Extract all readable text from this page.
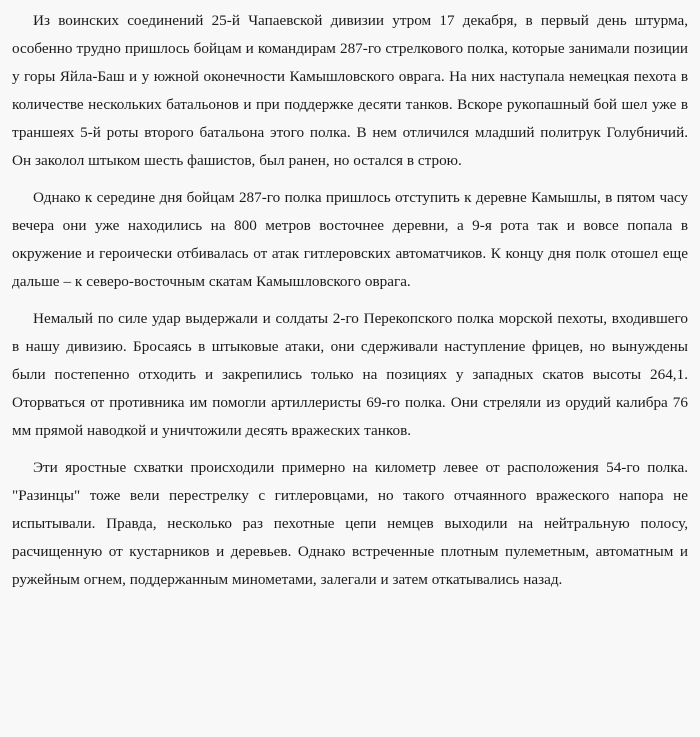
Из воинских соединений 25-й Чапаевской дивизии утром 17 декабря, в первый день штурма, особенно трудно пришлось бойцам и командирам 287-го стрелкового полка, которые занимали позиции у горы Яйла-Баш и у южной оконечности Камышловского оврага. На них наступала немецкая пехота в количестве нескольких батальонов и при поддержке десяти танков. Вскоре рукопашный бой шел уже в траншеях 5-й роты второго батальона этого полка. В нем отличился младший политрук Голубничий. Он заколол штыком шесть фашистов, был ранен, но остался в строю.

Однако к середине дня бойцам 287-го полка пришлось отступить к деревне Камышлы, в пятом часу вечера они уже находились на 800 метров восточнее деревни, а 9-я рота так и вовсе попала в окружение и героически отбивалась от атак гитлеровских автоматчиков. К концу дня полк отошел еще дальше – к северо-восточным скатам Камышловского оврага.

Немалый по силе удар выдержали и солдаты 2-го Перекопского полка морской пехоты, входившего в нашу дивизию. Бросаясь в штыковые атаки, они сдерживали наступление фрицев, но вынуждены были постепенно отходить и закрепились только на позициях у западных скатов высоты 264,1. Оторваться от противника им помогли артиллеристы 69-го полка. Они стреляли из орудий калибра 76 мм прямой наводкой и уничтожили десять вражеских танков.

Эти яростные схватки происходили примерно на километр левее от расположения 54-го полка. "Разинцы" тоже вели перестрелку с гитлеровцами, но такого отчаянного вражеского напора не испытывали. Правда, несколько раз пехотные цепи немцев выходили на нейтральную полосу, расчищенную от кустарников и деревьев. Однако встреченные плотным пулеметным, автоматным и ружейным огнем, поддержанным минометами, залегали и затем откатывались назад.
